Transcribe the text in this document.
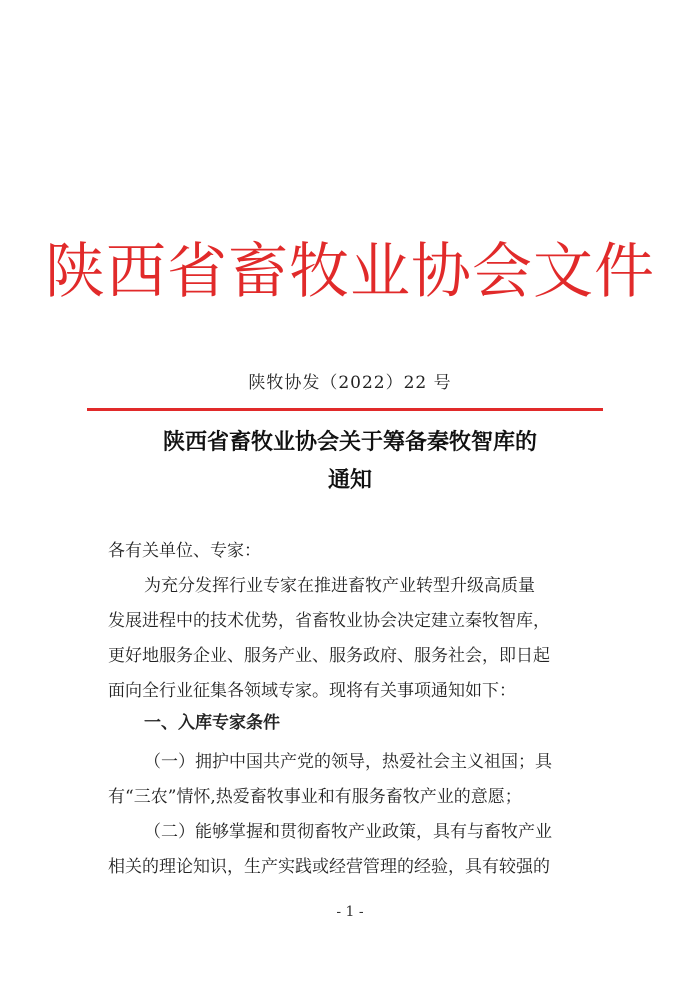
陕西省畜牧业协会文件
陕牧协发（2022）22 号
陕西省畜牧业协会关于筹备秦牧智库的
通知
各有关单位、专家：
为充分发挥行业专家在推进畜牧产业转型升级高质量
发展进程中的技术优势，省畜牧业协会决定建立秦牧智库，
更好地服务企业、服务产业、服务政府、服务社会，即日起
面向全行业征集各领域专家。现将有关事项通知如下：
一、入库专家条件
（一）拥护中国共产党的领导，热爱社会主义祖国；具
有“三农”情怀,热爱畜牧事业和有服务畜牧产业的意愿；
（二）能够掌握和贯彻畜牧产业政策，具有与畜牧产业
相关的理论知识，生产实践或经营管理的经验，具有较强的
- 1 -
